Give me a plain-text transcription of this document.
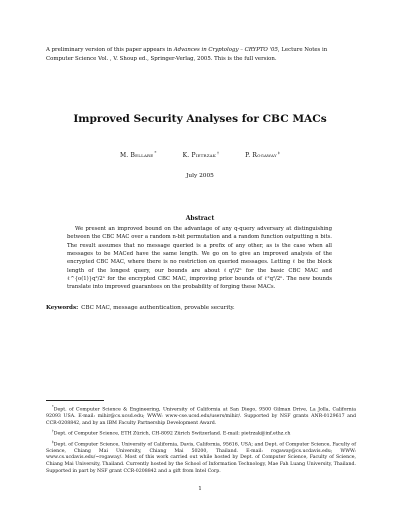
A preliminary version of this paper appears in Advances in Cryptology – CRYPTO '05, Lecture Notes in Computer Science Vol. , V. Shoup ed., Springer-Verlag, 2005. This is the full version.
Improved Security Analyses for CBC MACs
M. Bellare*	K. Pietrzak†	P. Rogaway‡
July 2005
Abstract

We present an improved bound on the advantage of any q-query adversary at distinguishing between the CBC MAC over a random n-bit permutation and a random function outputting n bits. The result assumes that no message queried is a prefix of any other, as is the case when all messages to be MACed have the same length. We go on to give an improved analysis of the encrypted CBC MAC, where there is no restriction on queried messages. Letting ℓ be the block length of the longest query, our bounds are about ℓq²/2ⁿ for the basic CBC MAC and ℓ^{o(1)}q²/2ⁿ for the encrypted CBC MAC, improving prior bounds of ℓ²q²/2ⁿ. The new bounds translate into improved guarantees on the probability of forging these MACs.

Keywords: CBC MAC, message authentication, provable security.

*Dept. of Computer Science & Engineering, University of California at San Diego, 9500 Gilman Drive, La Jolla, California 92093 USA. E-mail: mihir@cs.ucsd.edu; WWW: www-cse.ucsd.edu/users/mihir/. Supported by NSF grants ANR-0129617 and CCR-0208842, and by an IBM Faculty Partnership Development Award.

†Dept. of Computer Science, ETH Zürich, CH-8092 Zürich Switzerland. E-mail: pietrzak@inf.ethz.ch

‡Dept. of Computer Science, University of California, Davis, California, 95616, USA; and Dept. of Computer Science, Faculty of Science, Chiang Mai University, Chiang Mai 50200, Thailand. E-mail: rogaway@cs.ucdavis.edu; WWW: www.cs.ucdavis.edu/~rogaway/. Most of this work carried out while hosted by Dept. of Computer Science, Faculty of Science, Chiang Mai University, Thailand. Currently hosted by the School of Information Technology, Mae Fah Luang University, Thailand. Supported in part by NSF grant CCR-0208842 and a gift from Intel Corp.

1
